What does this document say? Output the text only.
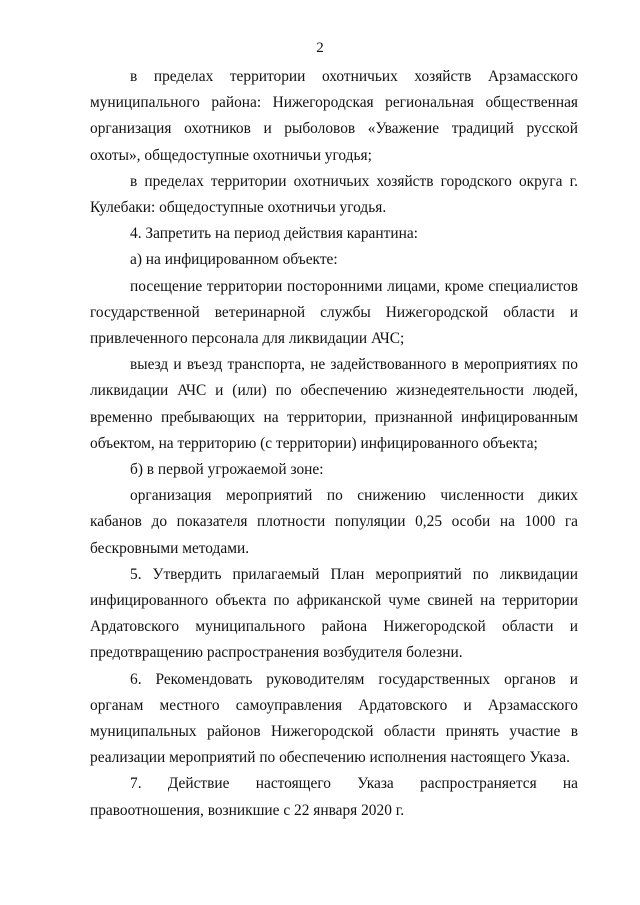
2

в пределах территории охотничьих хозяйств Арзамасского муниципального района: Нижегородская региональная общественная организация охотников и рыболовов «Уважение традиций русской охоты», общедоступные охотничьи угодья;

в пределах территории охотничьих хозяйств городского округа г. Кулебаки: общедоступные охотничьи угодья.

4. Запретить на период действия карантина:

а) на инфицированном объекте:

посещение территории посторонними лицами, кроме специалистов государственной ветеринарной службы Нижегородской области и привлеченного персонала для ликвидации АЧС;

выезд и въезд транспорта, не задействованного в мероприятиях по ликвидации АЧС и (или) по обеспечению жизнедеятельности людей, временно пребывающих на территории, признанной инфицированным объектом, на территорию (с территории) инфицированного объекта;

б) в первой угрожаемой зоне:

организация мероприятий по снижению численности диких кабанов до показателя плотности популяции 0,25 особи на 1000 га бескровными методами.

5. Утвердить прилагаемый План мероприятий по ликвидации инфицированного объекта по африканской чуме свиней на территории Ардатовского муниципального района Нижегородской области и предотвращению распространения возбудителя болезни.

6. Рекомендовать руководителям государственных органов и органам местного самоуправления Ардатовского и Арзамасского муниципальных районов Нижегородской области принять участие в реализации мероприятий по обеспечению исполнения настоящего Указа.

7. Действие настоящего Указа распространяется на правоотношения, возникшие с 22 января 2020 г.
